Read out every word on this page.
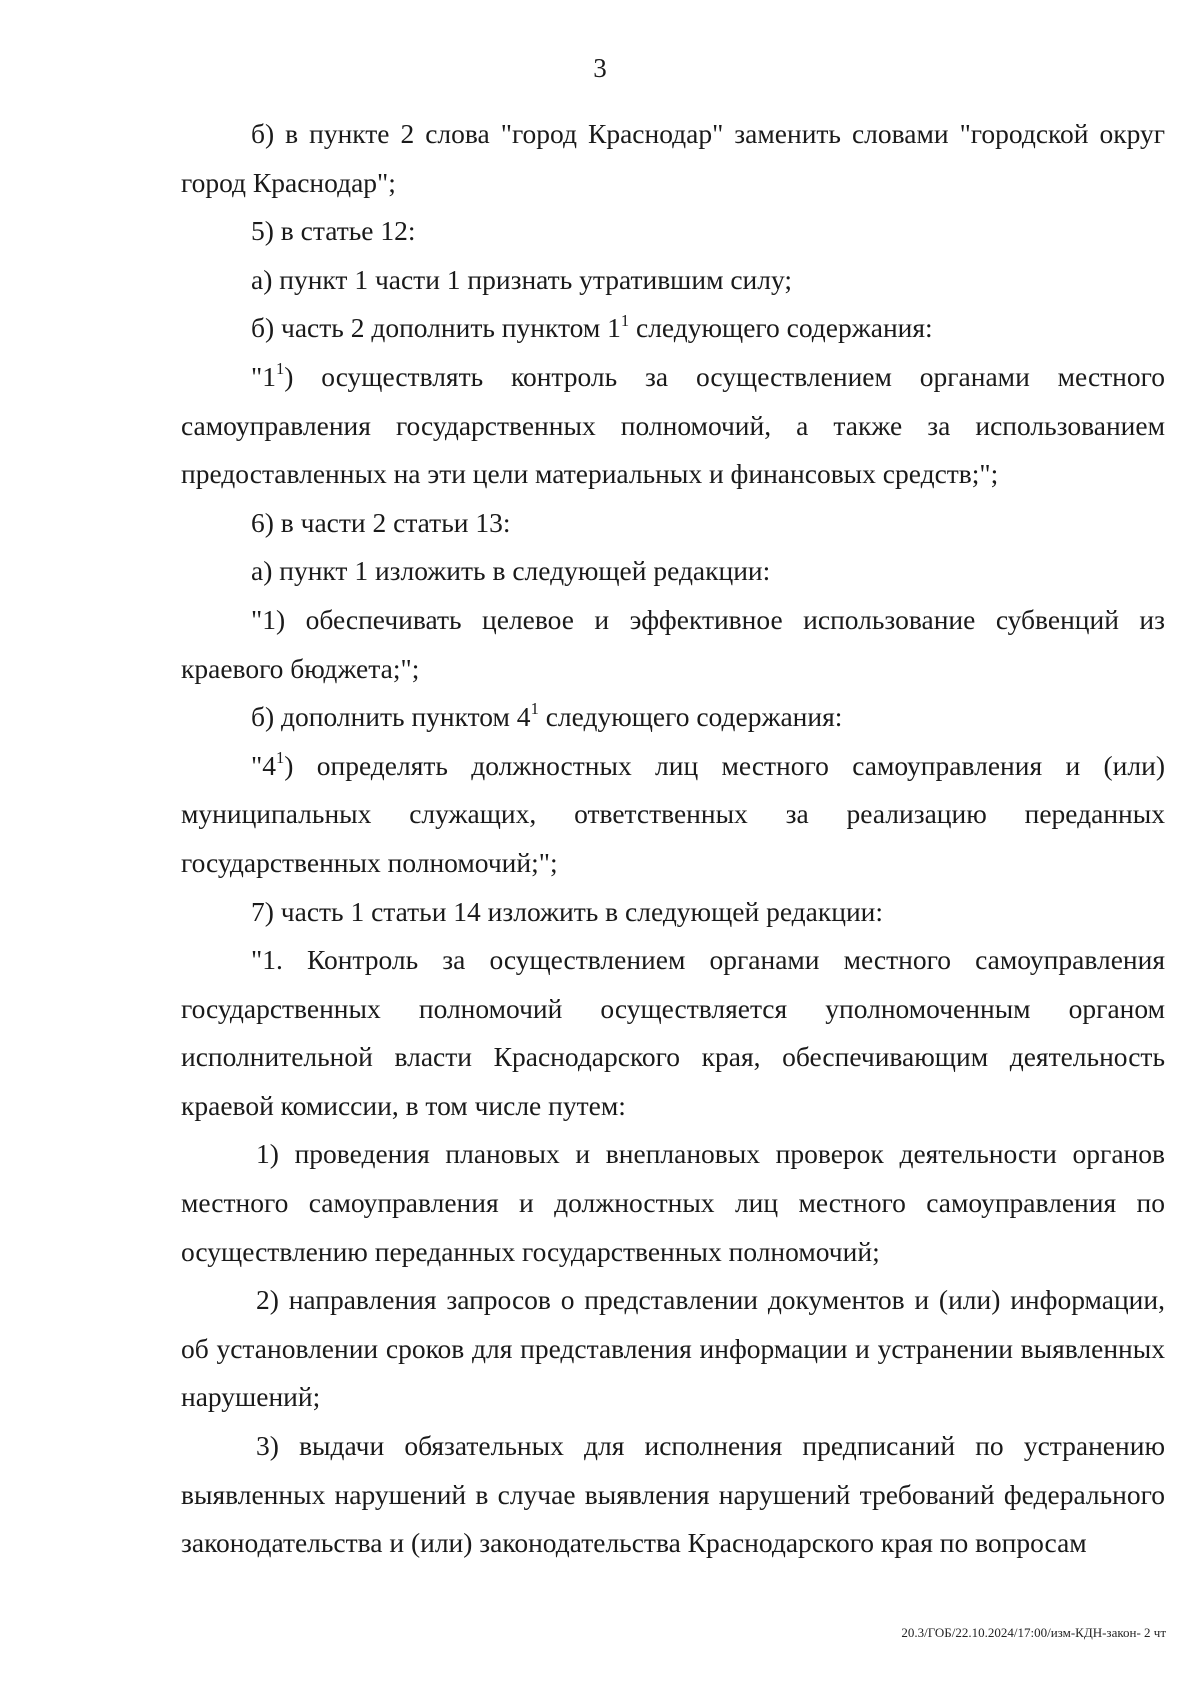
3

б) в пункте 2 слова "город Краснодар" заменить словами "городской округ город Краснодар";

5) в статье 12:

а) пункт 1 части 1 признать утратившим силу;

б) часть 2 дополнить пунктом $1^1$ следующего содержания:

"$1^1$) осуществлять контроль за осуществлением органами местного самоуправления государственных полномочий, а также за использованием предоставленных на эти цели материальных и финансовых средств;";

6) в части 2 статьи 13:

а) пункт 1 изложить в следующей редакции:

"1) обеспечивать целевое и эффективное использование субвенций из краевого бюджета;";

б) дополнить пунктом $4^1$ следующего содержания:

"$4^1$) определять должностных лиц местного самоуправления и (или) муниципальных служащих, ответственных за реализацию переданных государственных полномочий;";

7) часть 1 статьи 14 изложить в следующей редакции:

"1. Контроль за осуществлением органами местного самоуправления государственных полномочий осуществляется уполномоченным органом исполнительной власти Краснодарского края, обеспечивающим деятельность краевой комиссии, в том числе путем:

1) проведения плановых и внеплановых проверок деятельности органов местного самоуправления и должностных лиц местного самоуправления по осуществлению переданных государственных полномочий;

2) направления запросов о представлении документов и (или) информации, об установлении сроков для представления информации и устранении выявленных нарушений;

3) выдачи обязательных для исполнения предписаний по устранению выявленных нарушений в случае выявления нарушений требований федерального законодательства и (или) законодательства Краснодарского края по вопросам

20.3/ГОБ/22.10.2024/17:00/изм-КДН-закон- 2 чт
